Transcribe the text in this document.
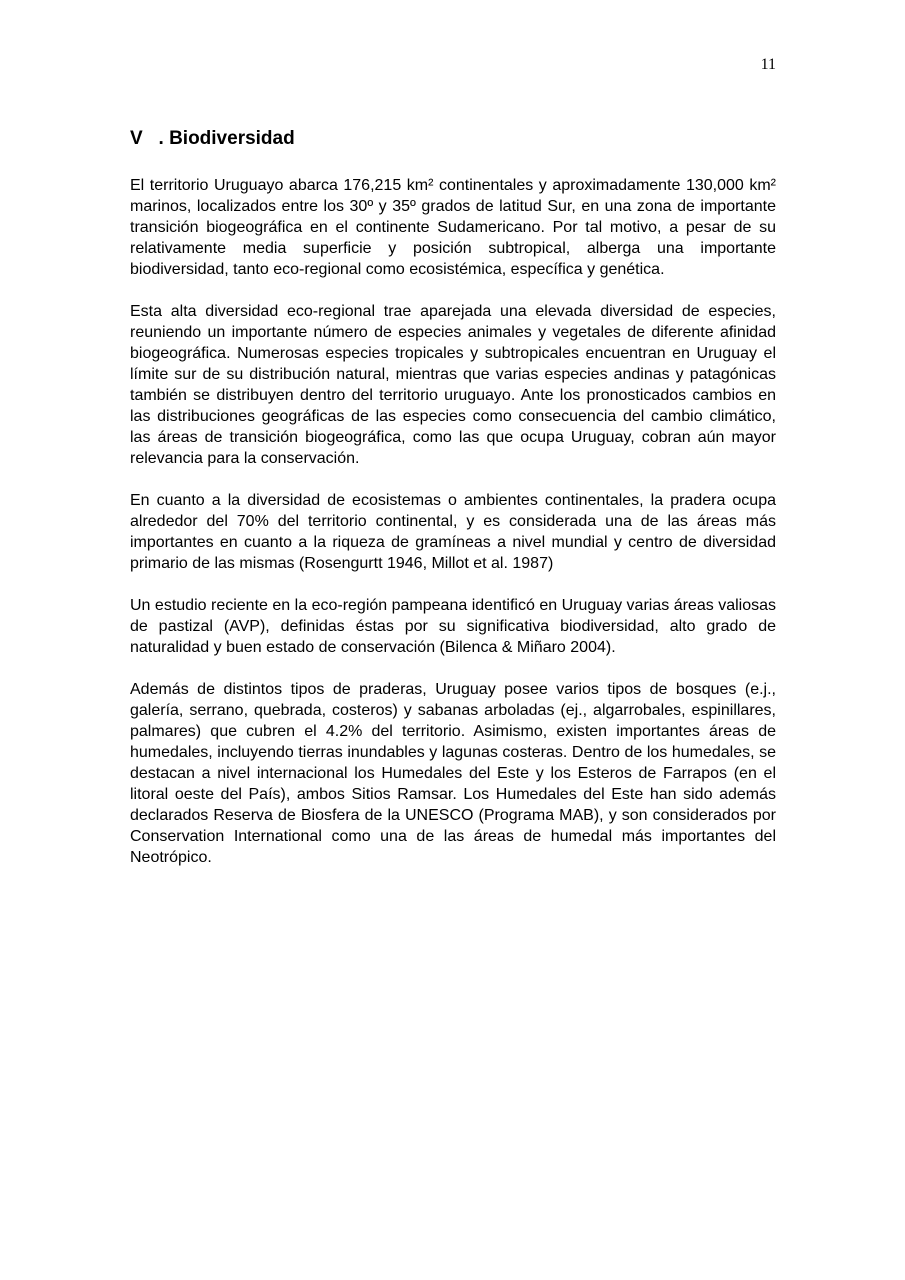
11
V   . Biodiversidad

El territorio Uruguayo abarca 176,215 km² continentales y aproximadamente 130,000 km² marinos, localizados entre los 30º y 35º grados de latitud Sur, en una zona de importante transición biogeográfica en el continente Sudamericano. Por tal motivo, a pesar de su relativamente media superficie y posición subtropical, alberga una importante biodiversidad, tanto eco-regional como ecosistémica, específica y genética.

Esta alta diversidad eco-regional trae aparejada una elevada diversidad de especies,  reuniendo un importante número de especies animales y vegetales de diferente afinidad biogeográfica. Numerosas especies tropicales y subtropicales encuentran en Uruguay el límite sur de su distribución natural, mientras que varias especies andinas y patagónicas también se distribuyen dentro del territorio uruguayo. Ante los pronosticados cambios en las distribuciones geográficas de las especies como consecuencia del cambio climático, las áreas de transición biogeográfica, como las que ocupa Uruguay, cobran aún mayor relevancia para la conservación.

En cuanto a la diversidad de ecosistemas o ambientes continentales, la pradera ocupa alrededor del 70% del territorio continental, y es considerada una de las áreas más importantes en cuanto a la riqueza de gramíneas a nivel mundial y centro de diversidad primario de las mismas (Rosengurtt 1946, Millot et al. 1987)

Un estudio reciente en la eco-región pampeana identificó en Uruguay varias áreas valiosas de pastizal (AVP), definidas éstas por su significativa biodiversidad, alto grado de naturalidad y buen estado de conservación (Bilenca & Miñaro 2004).

Además de distintos tipos de praderas, Uruguay posee varios tipos de bosques (e.j., galería, serrano, quebrada, costeros) y sabanas arboladas (ej., algarrobales, espinillares, palmares) que cubren el 4.2% del territorio. Asimismo, existen importantes áreas de humedales, incluyendo tierras inundables y lagunas costeras. Dentro de los humedales, se destacan a nivel internacional los Humedales del Este y los Esteros de Farrapos (en el litoral oeste del País), ambos Sitios Ramsar. Los Humedales del Este han sido además declarados Reserva de Biosfera de la UNESCO (Programa MAB), y son considerados por Conservation International como una de las áreas de humedal más importantes del Neotrópico.
